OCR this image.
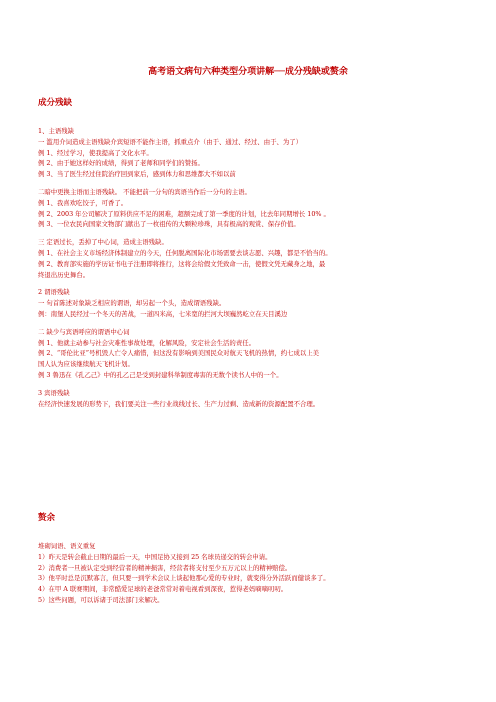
高考语文病句六种类型分项讲解──成分残缺或赘余
成分残缺
1、主语残缺
一 滥用介词造成主语残缺介宾短语不能作主语，抓重点介（由于、通过、经过、由于、为了）
例 1、经过学习，使我提高了文化水平。
例 2、由于她这样好的成绩，得到了老师和同学们的赞扬。
例 3、当了医生经过住院治疗回到家后，感到体力和思维都大不如以前
二暗中更换主语而主语残缺。 不能把前一分句的宾语当作后一分句的主语。
例 1、我喜欢吃饺子，可香了。
例 2、2003 年公司解决了原料供应不足的困难，超额完成了第一季度的计划，比去年同期增长 10% 。
例 3、一位农民向国家文物部门献出了一枚祖传的大颗粒珍珠，具有极高的观赏、保存价值。
三 定语过长，丢掉了中心词，造成主语残缺。
例 1、在社会主义市场经济体制建立的今天，任何脱离国际化市场需要去谈志愿、兴趣，都是不恰当的。
例 2、教育部实施的学历证书电子注册即将推行，这将会给假文凭致命一击，使假文凭无藏身之地，最
终退出历史舞台。
2 谓语残缺
一 句首陈述对象缺乏相应的谓语，却另起一个头，造成谓语残缺。
例：南堡人民经过一个冬天的苦战，一道四米高，七米宽的拦河大坝巍然屹立在天目溪边
二 缺少与宾语呼应的谓语中心词
例 1、他就主动参与社会灾难性事故处理，化解风险，安定社会生活的责任。
例 2、“哥伦比亚”号机毁人亡令人痛惜，但这没有影响到美国民众对航天飞机的热情，约七成以上美
国人认为应该继续航天飞机计划。
例 3 鲁迅在《孔乙己》中的孔乙己是受到封建科举制度毒害的无数个读书人中的一个。
3 宾语残缺
在经济快速发展的形势下，我们要关注一些行业战线过长、生产力过剩、造成新的资源配置不合理。
赘余
堆砌词语、语义重复
1）昨天是转会截止日期的最后一天，中国足协又接到 25 名球员递交的转会申请。
2）消费者一旦被认定受到经营者的精神损害，经营者将支付至少五万元以上的精神赔偿。
3）他平时总是沉默寡言，但只要一到学术会议上谈起他那心爱的专业时，就变得分外活跃而健谈多了。
4）在甲 A 联赛期间，非常酷爱足球的老爸常常对着电视看到深夜，惹得老妈嘀嘀叨叨。
5）这些问题，可以诉诸于司法部门来解决。
